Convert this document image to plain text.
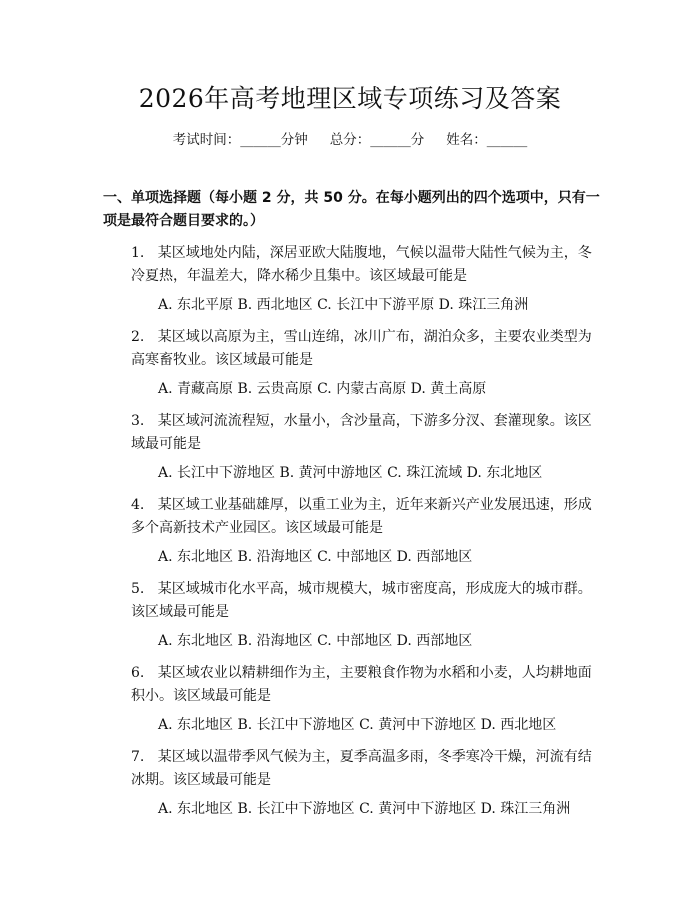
2026年高考地理区域专项练习及答案
考试时间：______分钟 总分：______分 姓名：______
一、单项选择题（每小题 2 分，共 50 分。在每小题列出的四个选项中，只有一项是最符合题目要求的。）
1. 某区域地处内陆，深居亚欧大陆腹地，气候以温带大陆性气候为主，冬冷夏热，年温差大，降水稀少且集中。该区域最可能是
A. 东北平原 B. 西北地区 C. 长江中下游平原 D. 珠江三角洲
2. 某区域以高原为主，雪山连绵，冰川广布，湖泊众多，主要农业类型为高寒畜牧业。该区域最可能是
A. 青藏高原 B. 云贵高原 C. 内蒙古高原 D. 黄土高原
3. 某区域河流流程短，水量小，含沙量高，下游多分汊、套灌现象。该区域最可能是
A. 长江中下游地区 B. 黄河中游地区 C. 珠江流域 D. 东北地区
4. 某区域工业基础雄厚，以重工业为主，近年来新兴产业发展迅速，形成多个高新技术产业园区。该区域最可能是
A. 东北地区 B. 沿海地区 C. 中部地区 D. 西部地区
5. 某区域城市化水平高，城市规模大，城市密度高，形成庞大的城市群。该区域最可能是
A. 东北地区 B. 沿海地区 C. 中部地区 D. 西部地区
6. 某区域农业以精耕细作为主，主要粮食作物为水稻和小麦，人均耕地面积小。该区域最可能是
A. 东北地区 B. 长江中下游地区 C. 黄河中下游地区 D. 西北地区
7. 某区域以温带季风气候为主，夏季高温多雨，冬季寒冷干燥，河流有结冰期。该区域最可能是
A. 东北地区 B. 长江中下游地区 C. 黄河中下游地区 D. 珠江三角洲
